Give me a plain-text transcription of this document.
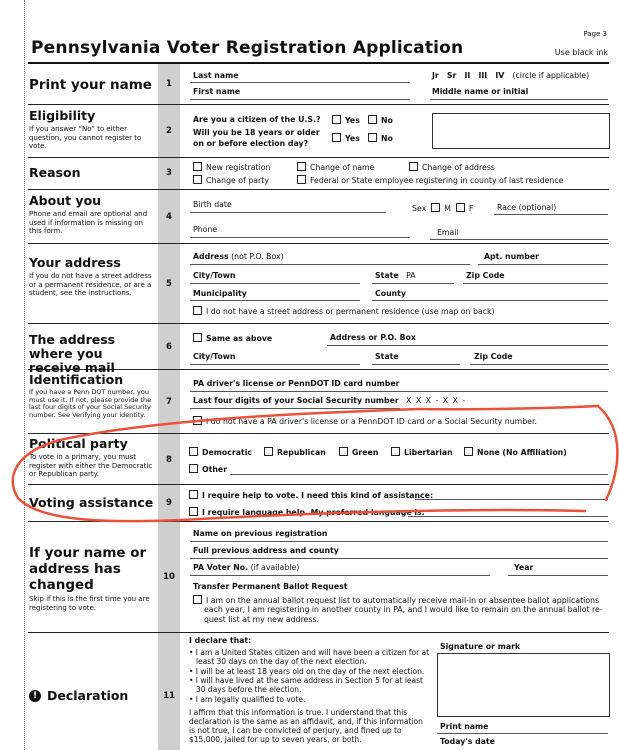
Page 3
Pennsylvania Voter Registration Application	Use black ink
Print your name	1
Last name	Jr Sr II III IV (circle if applicable)
First name	Middle name or initial
Eligibility
If you answer “No” to either question, you cannot register to vote.
2
Are you a citizen of the U.S.?	Yes	No
Will you be 18 years or older
on or before election day?
Yes	No
Reason	3
New registration	Change of name	Change of address
Change of party	Federal or State employee registering in county of last residence
About you
Phone and email are optional and used if information is missing on this form.
4
Birth date	Sex M F	Race (optional)
Phone	Email
Your address
If you do not have a street address or a permanent residence, or are a student, see the instructions.
5
Address (not P.O. Box)	Apt. number
City/Town	State PA	Zip Code
Municipality	County
I do not have a street address or permanent residence (use map on back)
The address where you receive mail
6
Same as above	Address or P.O. Box
City/Town	State	Zip Code
Identification
If you have a Penn DOT number, you must use it. If not, please provide the last four digits of your Social Security number. See Verifying your identity.
7
PA driver's license or PennDOT ID card number
Last four digits of your Social Security number X X X - X X -
I do not have a PA driver's license or a PennDOT ID card or a Social Security number.
Political party
To vote in a primary, you must register with either the Democratic or Republican party.
8
Democratic	Republican	Green	Libertarian	None (No Affiliation)
Other
Voting assistance	9
I require help to vote. I need this kind of assistance:
I require language help. My preferred language is:
If your name or address has changed
Skip if this is the first time you are registering to vote.
10
Name on previous registration
Full previous address and county
PA Voter No. (if available)	Year
Transfer Permanent Ballot Request
I am on the annual ballot request list to automatically receive mail-in or absentee ballot applications
each year, I am registering in another county in PA, and I would like to remain on the annual ballot re-
quest list at my new address.
! Declaration	11
I declare that:
• I am a United States citizen and will have been a citizen for at
least 30 days on the day of the next election.
• I will be at least 18 years old on the day of the next election.
• I will have lived at the same address in Section 5 for at least
30 days before the election.
• I am legally qualified to vote.
I affirm that this information is true. I understand that this
declaration is the same as an affidavit, and, if this information
is not true, I can be convicted of perjury, and fined up to
$15,000, jailed for up to seven years, or both.
Signature or mark
Print name
Today's date
